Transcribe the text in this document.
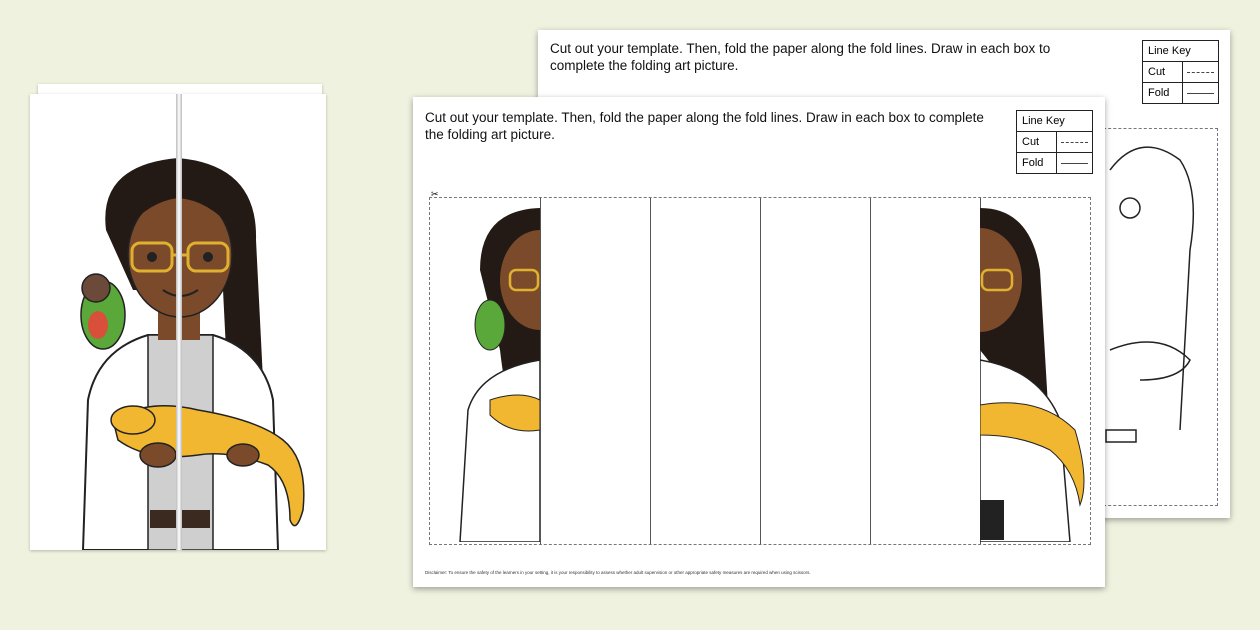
Cut out your template. Then, fold the paper along the fold lines. Draw in each box to complete the folding art picture.
Line Key
Cut
Fold
Cut out your template. Then, fold the paper along the fold lines. Draw in each box to complete the folding art picture.
Line Key
Cut
Fold
✂
Disclaimer: To ensure the safety of the learners in your setting, it is your responsibility to assess whether adult supervision or other appropriate safety measures are required when using scissors.
